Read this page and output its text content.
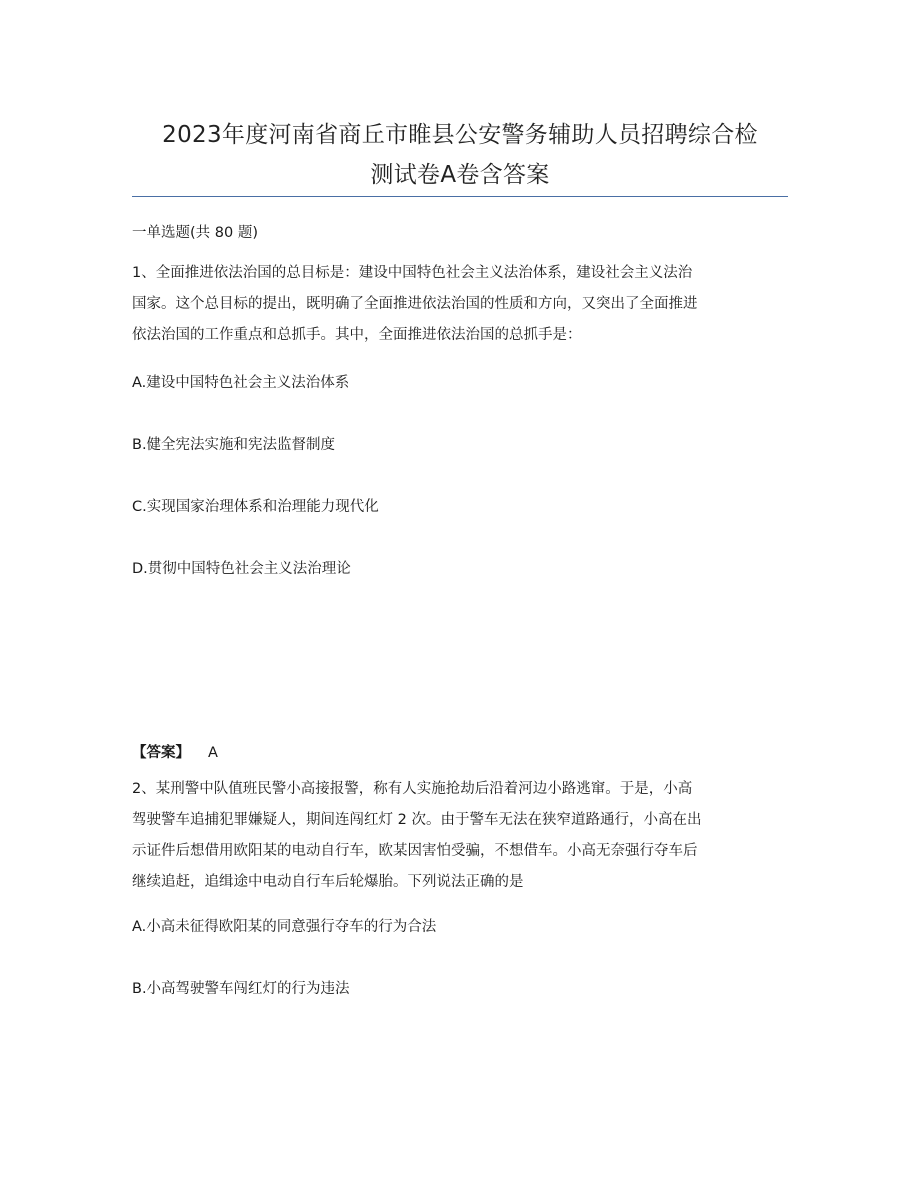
2023年度河南省商丘市睢县公安警务辅助人员招聘综合检
测试卷A卷含答案
一单选题(共 80 题)
1、全面推进依法治国的总目标是：建设中国特色社会主义法治体系，建设社会主义法治
国家。这个总目标的提出，既明确了全面推进依法治国的性质和方向，又突出了全面推进
依法治国的工作重点和总抓手。其中，全面推进依法治国的总抓手是：
A.建设中国特色社会主义法治体系
B.健全宪法实施和宪法监督制度
C.实现国家治理体系和治理能力现代化
D.贯彻中国特色社会主义法治理论
【答案】 A
2、某刑警中队值班民警小高接报警，称有人实施抢劫后沿着河边小路逃窜。于是，小高
驾驶警车追捕犯罪嫌疑人，期间连闯红灯 2 次。由于警车无法在狭窄道路通行，小高在出
示证件后想借用欧阳某的电动自行车，欧某因害怕受骗，不想借车。小高无奈强行夺车后
继续追赶，追缉途中电动自行车后轮爆胎。下列说法正确的是
A.小高未征得欧阳某的同意强行夺车的行为合法
B.小高驾驶警车闯红灯的行为违法
